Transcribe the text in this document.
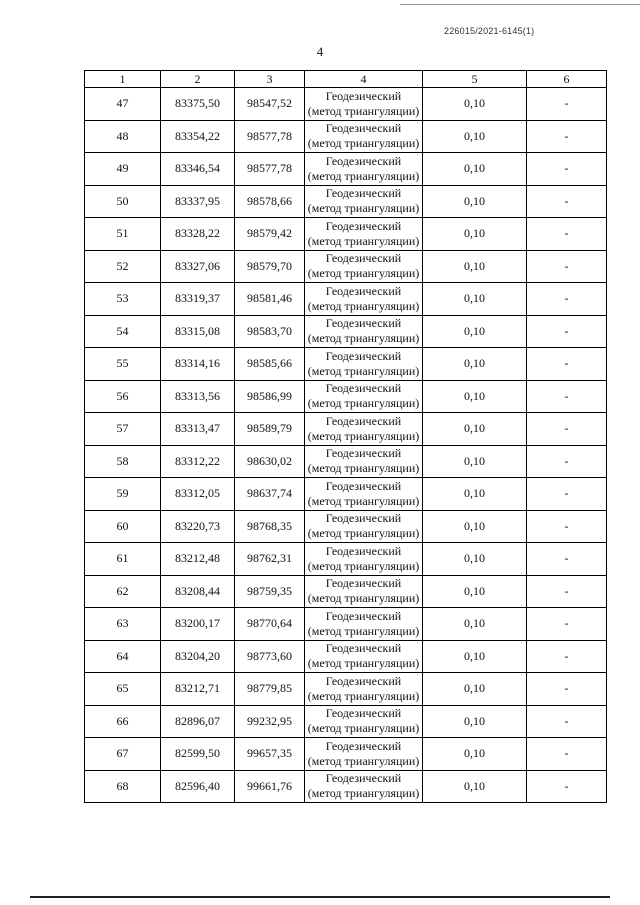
226015/2021-6145(1)
4
1	2	3	4	5	6
47	83375,50	98547,52	Геодезический
(метод триангуляции)	0,10	-
48	83354,22	98577,78	Геодезический
(метод триангуляции)	0,10	-
49	83346,54	98577,78	Геодезический
(метод триангуляции)	0,10	-
50	83337,95	98578,66	Геодезический
(метод триангуляции)	0,10	-
51	83328,22	98579,42	Геодезический
(метод триангуляции)	0,10	-
52	83327,06	98579,70	Геодезический
(метод триангуляции)	0,10	-
53	83319,37	98581,46	Геодезический
(метод триангуляции)	0,10	-
54	83315,08	98583,70	Геодезический
(метод триангуляции)	0,10	-
55	83314,16	98585,66	Геодезический
(метод триангуляции)	0,10	-
56	83313,56	98586,99	Геодезический
(метод триангуляции)	0,10	-
57	83313,47	98589,79	Геодезический
(метод триангуляции)	0,10	-
58	83312,22	98630,02	Геодезический
(метод триангуляции)	0,10	-
59	83312,05	98637,74	Геодезический
(метод триангуляции)	0,10	-
60	83220,73	98768,35	Геодезический
(метод триангуляции)	0,10	-
61	83212,48	98762,31	Геодезический
(метод триангуляции)	0,10	-
62	83208,44	98759,35	Геодезический
(метод триангуляции)	0,10	-
63	83200,17	98770,64	Геодезический
(метод триангуляции)	0,10	-
64	83204,20	98773,60	Геодезический
(метод триангуляции)	0,10	-
65	83212,71	98779,85	Геодезический
(метод триангуляции)	0,10	-
66	82896,07	99232,95	Геодезический
(метод триангуляции)	0,10	-
67	82599,50	99657,35	Геодезический
(метод триангуляции)	0,10	-
68	82596,40	99661,76	Геодезический
(метод триангуляции)	0,10	-
